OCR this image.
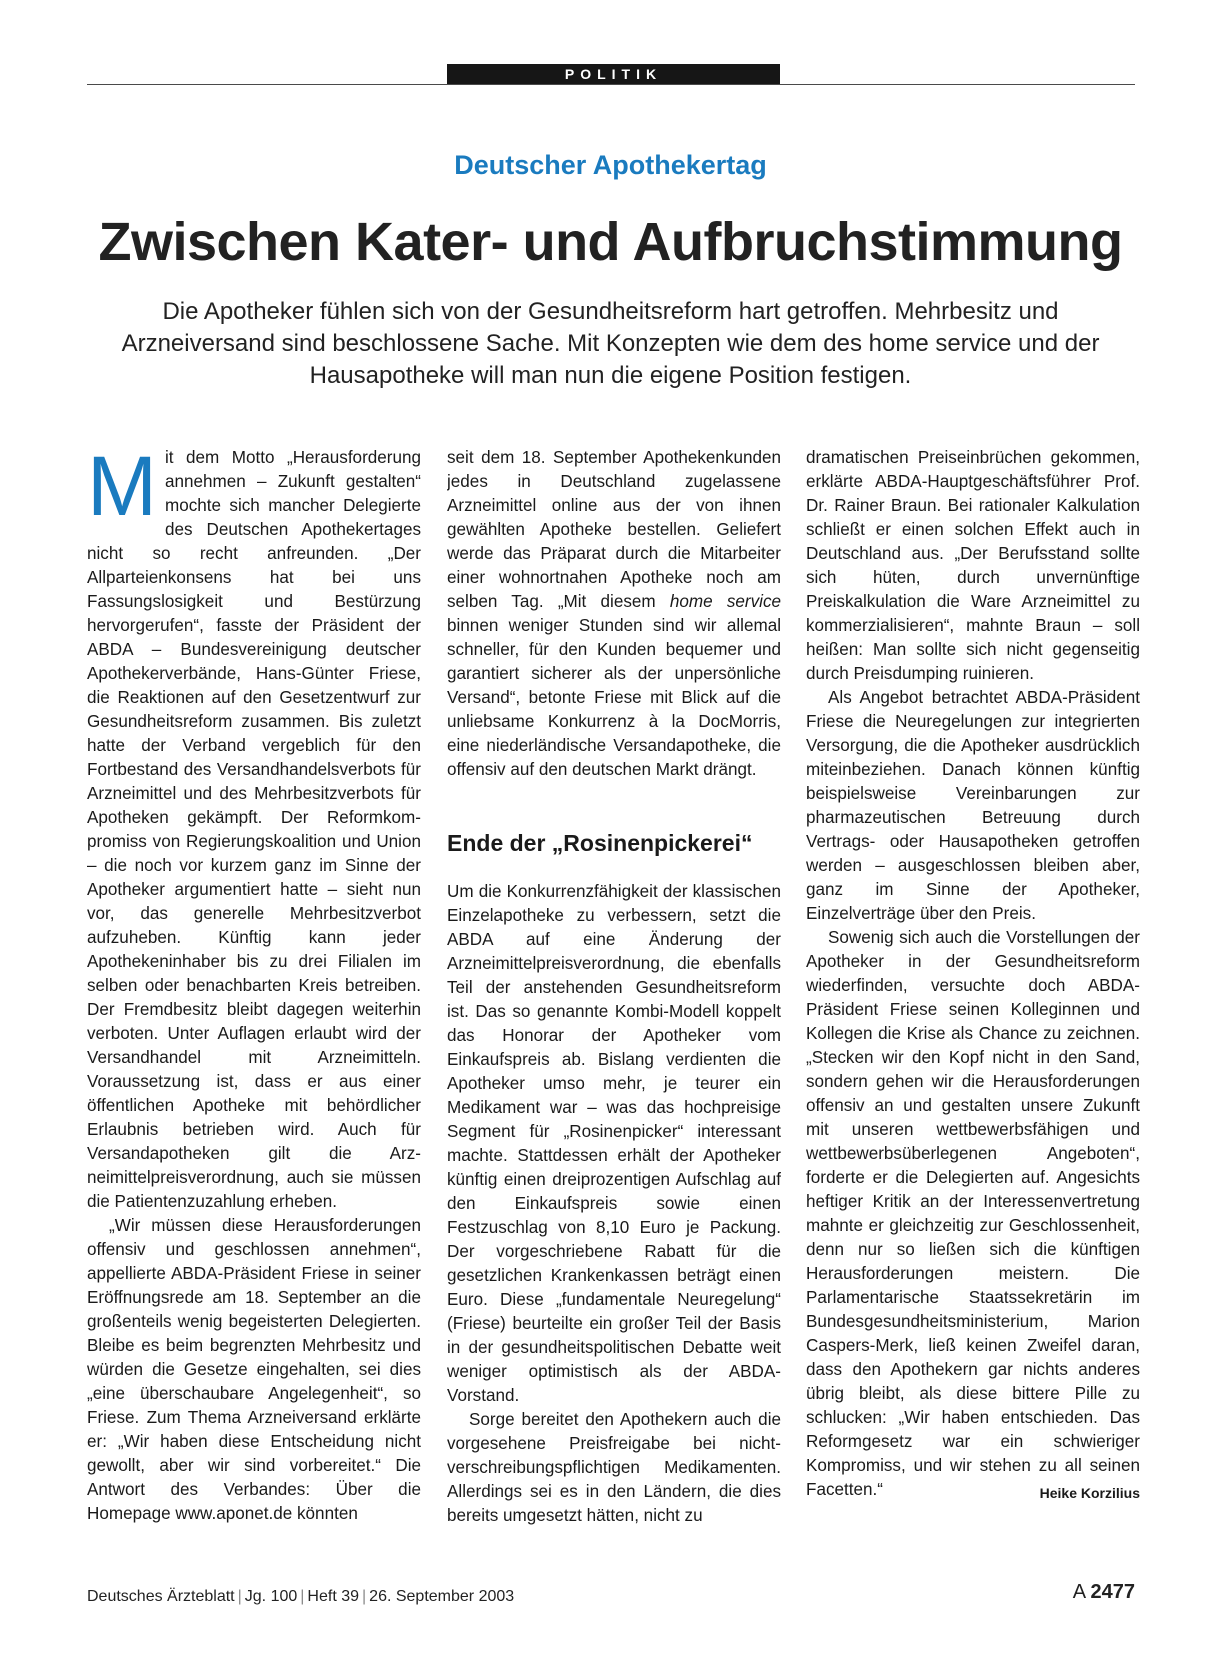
POLITIK
Deutscher Apothekertag
Zwischen Kater- und Aufbruchstimmung
Die Apotheker fühlen sich von der Gesundheitsreform hart getroffen. Mehrbesitz und Arzneiversand sind beschlossene Sache. Mit Konzepten wie dem des home service und der Hausapotheke will man nun die eigene Position festigen.

Mit dem Motto „Herausforderung annehmen – Zukunft gestalten“ mochte sich mancher Delegierte des Deutschen Apothekertages nicht so recht anfreunden. „Der Allparteienkonsens hat bei uns Fassungslosigkeit und Bestürzung hervorgerufen“, fasste der Präsident der ABDA – Bundesvereinigung deutscher Apothekerverbände, Hans-Günter Friese, die Reaktionen auf den Gesetzentwurf zur Gesundheitsreform zusammen. Bis zuletzt hatte der Verband vergeblich für den Fortbestand des Versandhandelsverbots für Arzneimittel und des Mehrbesitzverbots für Apotheken gekämpft. Der Reformkompromiss von Regierungskoalition und Union – die noch vor kurzem ganz im Sinne der Apotheker argumentiert hatte – sieht nun vor, das generelle Mehrbesitzverbot aufzuheben. Künftig kann jeder Apothekeninhaber bis zu drei Filialen im selben oder benachbarten Kreis betreiben. Der Fremdbesitz bleibt dagegen weiterhin verboten. Unter Auflagen erlaubt wird der Versandhandel mit Arzneimitteln. Voraussetzung ist, dass er aus einer öffentlichen Apotheke mit behördlicher Erlaubnis betrieben wird. Auch für Versandapotheken gilt die Arzneimittelpreisverordnung, auch sie müssen die Patientenzuzahlung erheben.

„Wir müssen diese Herausforderungen offensiv und geschlossen annehmen“, appellierte ABDA-Präsident Friese in seiner Eröffnungsrede am 18. September an die großenteils wenig begeisterten Delegierten. Bleibe es beim begrenzten Mehrbesitz und würden die Gesetze eingehalten, sei dies „eine überschaubare Angelegenheit“, so Friese. Zum Thema Arzneiversand erklärte er: „Wir haben diese Entscheidung nicht gewollt, aber wir sind vorbereitet.“ Die Antwort des Verbandes: Über die Homepage www.aponet.de könnten

seit dem 18. September Apothekenkunden jedes in Deutschland zugelassene Arzneimittel online aus der von ihnen gewählten Apotheke bestellen. Geliefert werde das Präparat durch die Mitarbeiter einer wohnortnahen Apotheke noch am selben Tag. „Mit diesem home service binnen weniger Stunden sind wir allemal schneller, für den Kunden bequemer und garantiert sicherer als der unpersönliche Versand“, betonte Friese mit Blick auf die unliebsame Konkurrenz à la DocMorris, eine niederländische Versandapotheke, die offensiv auf den deutschen Markt drängt.

Ende der „Rosinenpickerei“

Um die Konkurrenzfähigkeit der klassischen Einzelapotheke zu verbessern, setzt die ABDA auf eine Änderung der Arzneimittelpreisverordnung, die ebenfalls Teil der anstehenden Gesundheitsreform ist. Das so genannte Kombi-Modell koppelt das Honorar der Apotheker vom Einkaufspreis ab. Bislang verdienten die Apotheker umso mehr, je teurer ein Medikament war – was das hochpreisige Segment für „Rosinenpicker“ interessant machte. Stattdessen erhält der Apotheker künftig einen dreiprozentigen Aufschlag auf den Einkaufspreis sowie einen Festzuschlag von 8,10 Euro je Packung. Der vorgeschriebene Rabatt für die gesetzlichen Krankenkassen beträgt einen Euro. Diese „fundamentale Neuregelung“ (Friese) beurteilte ein großer Teil der Basis in der gesundheitspolitischen Debatte weit weniger optimistisch als der ABDA-Vorstand.

Sorge bereitet den Apothekern auch die vorgesehene Preisfreigabe bei nichtverschreibungspflichtigen Medikamenten. Allerdings sei es in den Ländern, die dies bereits umgesetzt hätten, nicht zu

dramatischen Preiseinbrüchen gekommen, erklärte ABDA-Hauptgeschäftsführer Prof. Dr. Rainer Braun. Bei rationaler Kalkulation schließt er einen solchen Effekt auch in Deutschland aus. „Der Berufsstand sollte sich hüten, durch unvernünftige Preiskalkulation die Ware Arzneimittel zu kommerzialisieren“, mahnte Braun – soll heißen: Man sollte sich nicht gegenseitig durch Preisdumping ruinieren.

Als Angebot betrachtet ABDA-Präsident Friese die Neuregelungen zur integrierten Versorgung, die die Apotheker ausdrücklich miteinbeziehen. Danach können künftig beispielsweise Vereinbarungen zur pharmazeutischen Betreuung durch Vertrags- oder Hausapotheken getroffen werden – ausgeschlossen bleiben aber, ganz im Sinne der Apotheker, Einzelverträge über den Preis.

Sowenig sich auch die Vorstellungen der Apotheker in der Gesundheitsreform wiederfinden, versuchte doch ABDA-Präsident Friese seinen Kolleginnen und Kollegen die Krise als Chance zu zeichnen. „Stecken wir den Kopf nicht in den Sand, sondern gehen wir die Herausforderungen offensiv an und gestalten unsere Zukunft mit unseren wettbewerbsfähigen und wettbewerbsüberlegenen Angeboten“, forderte er die Delegierten auf. Angesichts heftiger Kritik an der Interessenvertretung mahnte er gleichzeitig zur Geschlossenheit, denn nur so ließen sich die künftigen Herausforderungen meistern. Die Parlamentarische Staatssekretärin im Bundesgesundheitsministerium, Marion Caspers-Merk, ließ keinen Zweifel daran, dass den Apothekern gar nichts anderes übrig bleibt, als diese bittere Pille zu schlucken: „Wir haben entschieden. Das Reformgesetz war ein schwieriger Kompromiss, und wir stehen zu all seinen Facetten.“	Heike Korzilius

Deutsches Ärzteblatt | Jg. 100 | Heft 39 | 26. September 2003	A 2477
